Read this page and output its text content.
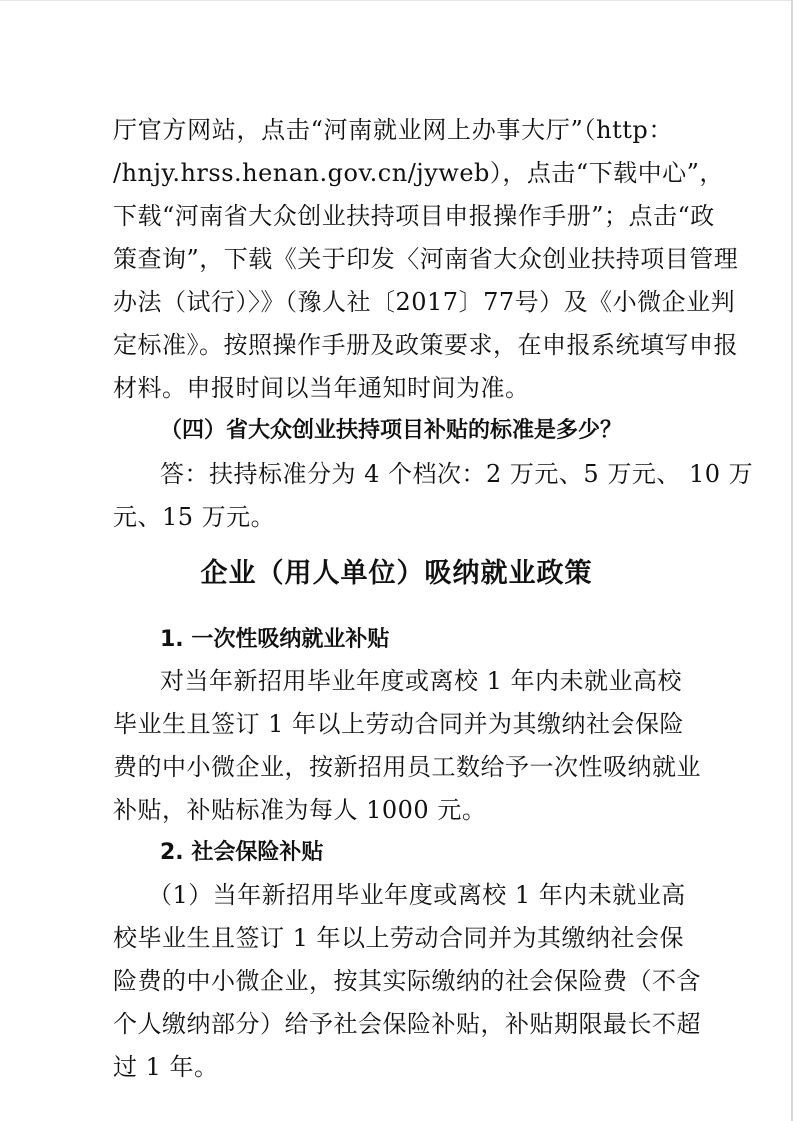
厅官方网站，点击“河南就业网上办事大厅”（http：
/hnjy.hrss.henan.gov.cn/jyweb），点击“下载中心”，
下载“河南省大众创业扶持项目申报操作手册”；点击“政
策查询”，下载《关于印发〈河南省大众创业扶持项目管理
办法（试行）〉》（豫人社〔2017〕77号）及《小微企业判
定标准》。按照操作手册及政策要求，在申报系统填写申报
材料。申报时间以当年通知时间为准。
（四）省大众创业扶持项目补贴的标准是多少？
答：扶持标准分为 4 个档次：2 万元、5 万元、 10 万
元、15 万元。
企业（用人单位）吸纳就业政策
1. 一次性吸纳就业补贴
对当年新招用毕业年度或离校 1 年内未就业高校
毕业生且签订 1 年以上劳动合同并为其缴纳社会保险
费的中小微企业，按新招用员工数给予一次性吸纳就业
补贴，补贴标准为每人 1000 元。
2. 社会保险补贴
（1）当年新招用毕业年度或离校 1 年内未就业高
校毕业生且签订 1 年以上劳动合同并为其缴纳社会保
险费的中小微企业，按其实际缴纳的社会保险费（不含
个人缴纳部分）给予社会保险补贴，补贴期限最长不超
过 1 年。
